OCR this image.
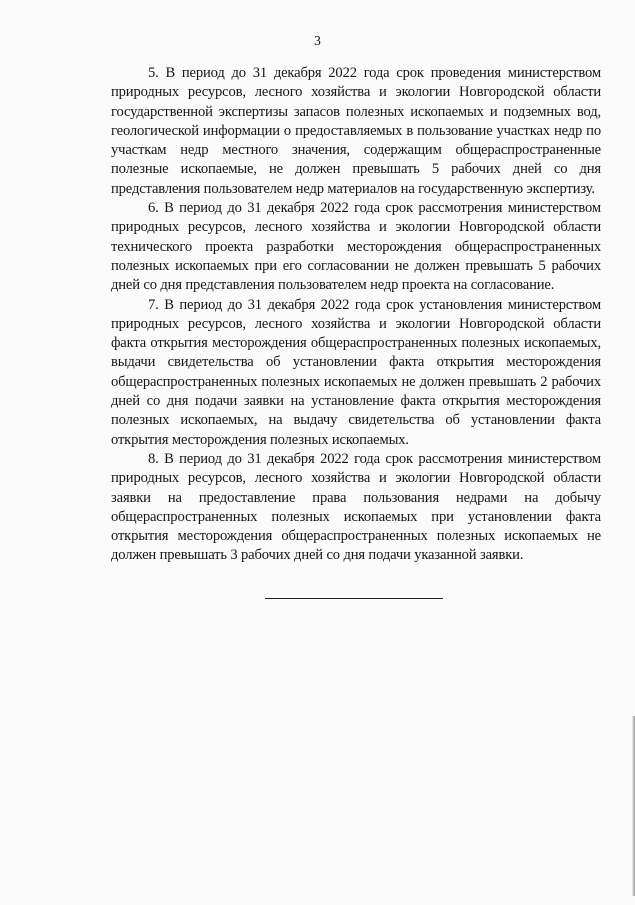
3

5. В период до 31 декабря 2022 года срок проведения министерством природных ресурсов, лесного хозяйства и экологии Новгородской области государственной экспертизы запасов полезных ископаемых и подземных вод, геологической информации о предоставляемых в пользование участках недр по участкам недр местного значения, содержащим общераспространенные полезные ископаемые, не должен превышать 5 рабочих дней со дня представления пользователем недр материалов на государственную экспертизу.

6. В период до 31 декабря 2022 года срок рассмотрения министерством природных ресурсов, лесного хозяйства и экологии Новгородской области технического проекта разработки месторождения общераспространенных полезных ископаемых при его согласовании не должен превышать 5 рабочих дней со дня представления пользователем недр проекта на согласование.

7. В период до 31 декабря 2022 года срок установления министерством природных ресурсов, лесного хозяйства и экологии Новгородской области факта открытия месторождения общераспространенных полезных ископаемых, выдачи свидетельства об установлении факта открытия месторождения общераспространенных полезных ископаемых не должен превышать 2 рабочих дней со дня подачи заявки на установление факта открытия месторождения полезных ископаемых, на выдачу свидетельства об установлении факта открытия месторождения полезных ископаемых.

8. В период до 31 декабря 2022 года срок рассмотрения министерством природных ресурсов, лесного хозяйства и экологии Новгородской области заявки на предоставление права пользования недрами на добычу общераспространенных полезных ископаемых при установлении факта открытия месторождения общераспространенных полезных ископаемых не должен превышать 3 рабочих дней со дня подачи указанной заявки.
